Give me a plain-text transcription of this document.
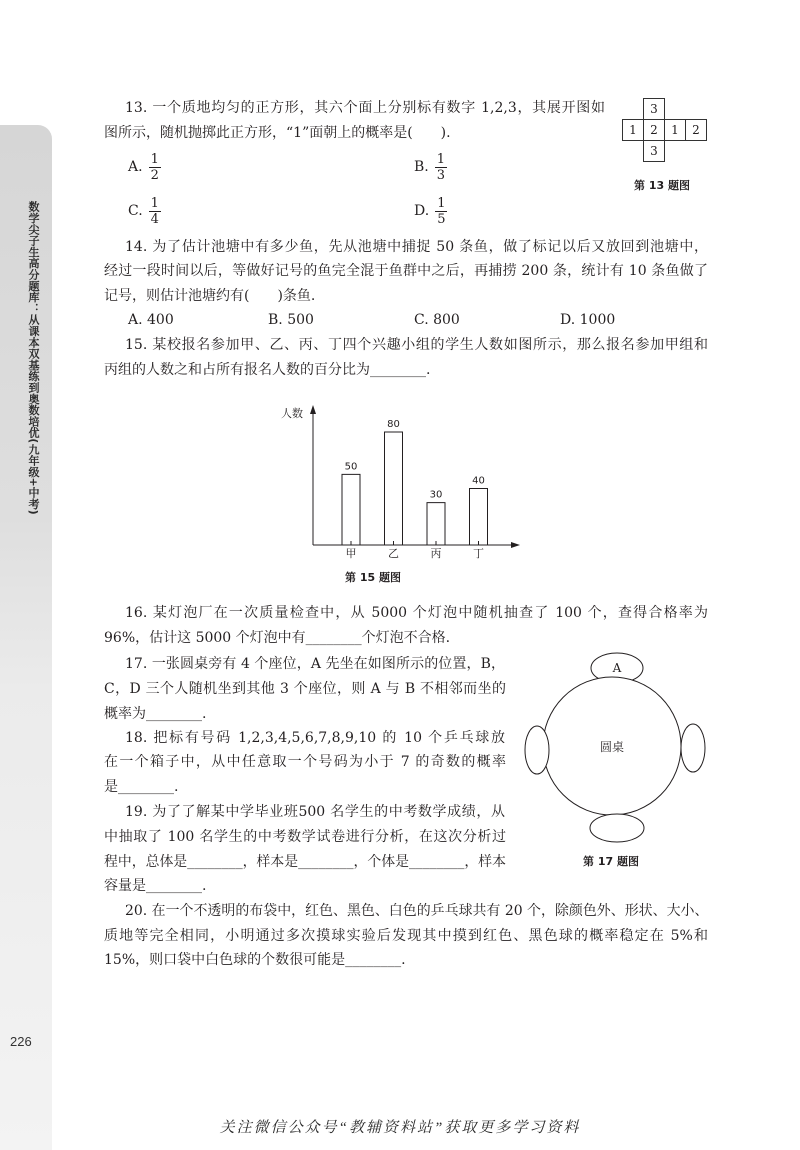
数学尖子生高分题库：从课本双基练到奥数培优(九年级+中考)
226
13. 一个质地均匀的正方形，其六个面上分别标有数字 1,2,3，其展开图如
图所示，随机抛掷此正方形，“1”面朝上的概率是(　　).
A. $\frac{1}{2}$	B. $\frac{1}{3}$
C. $\frac{1}{4}$	D. $\frac{1}{5}$
3
1	2	1	2
3
第 13 题图
14. 为了估计池塘中有多少鱼，先从池塘中捕捉 50 条鱼，做了标记以后又放回到池塘中，
经过一段时间以后，等做好记号的鱼完全混于鱼群中之后，再捕捞 200 条，统计有 10 条鱼做了
记号，则估计池塘约有(　　)条鱼.
A. 400	B. 500	C. 800	D. 1000
15. 某校报名参加甲、乙、丙、丁四个兴趣小组的学生人数如图所示，那么报名参加甲组和
丙组的人数之和占所有报名人数的百分比为________.
人数
50
甲
80
乙
30
丙
40
丁
第 15 题图
16. 某灯泡厂在一次质量检查中，从 5000 个灯泡中随机抽查了 100 个，查得合格率为
96%，估计这 5000 个灯泡中有________个灯泡不合格.
17. 一张圆桌旁有 4 个座位，A 先坐在如图所示的位置，B，
C，D 三个人随机坐到其他 3 个座位，则 A 与 B 不相邻而坐的
概率为________.
18. 把标有号码 1,2,3,4,5,6,7,8,9,10 的 10 个乒乓球放
在一个箱子中，从中任意取一个号码为小于 7 的奇数的概率
是________.
19. 为了了解某中学毕业班500 名学生的中考数学成绩，从
中抽取了 100 名学生的中考数学试卷进行分析，在这次分析过
程中，总体是________，样本是________，个体是________，样本
容量是________.
A
圆桌
第 17 题图
20. 在一个不透明的布袋中，红色、黑色、白色的乒乓球共有 20 个，除颜色外、形状、大小、
质地等完全相同，小明通过多次摸球实验后发现其中摸到红色、黑色球的概率稳定在 5%和
15%，则口袋中白色球的个数很可能是________.
关注微信公众号“教辅资料站”获取更多学习资料
